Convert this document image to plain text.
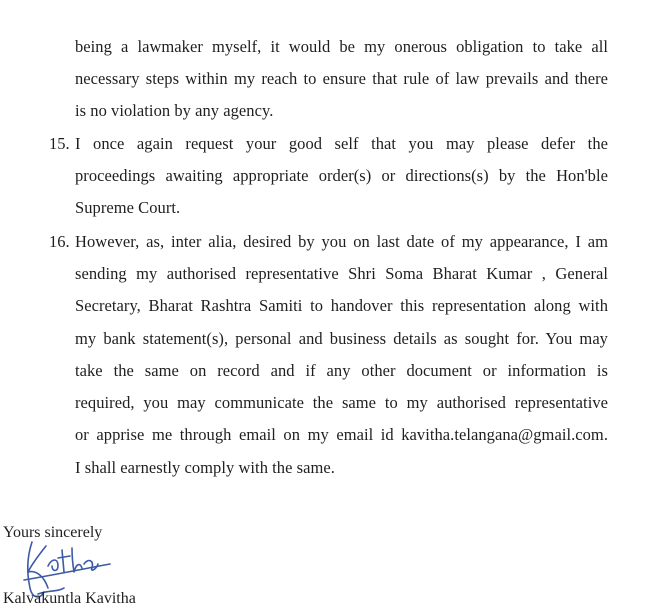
being a lawmaker myself, it would be my onerous obligation to take all
necessary steps within my reach to ensure that rule of law prevails and there
is no violation by any agency.
15. I once again request your good self that you may please defer the
proceedings awaiting appropriate order(s) or directions(s) by the Hon'ble
Supreme Court.
16. However, as, inter alia, desired by you on last date of my appearance, I am
sending my authorised representative Shri Soma Bharat Kumar , General
Secretary, Bharat Rashtra Samiti to handover this representation along with
my bank statement(s), personal and business details as sought for. You may
take the same on record and if any other document or information is
required, you may communicate the same to my authorised representative
or apprise me through email on my email id kavitha.telangana@gmail.com.
I shall earnestly comply with the same.
Yours sincerely
Kalvakuntla Kavitha
